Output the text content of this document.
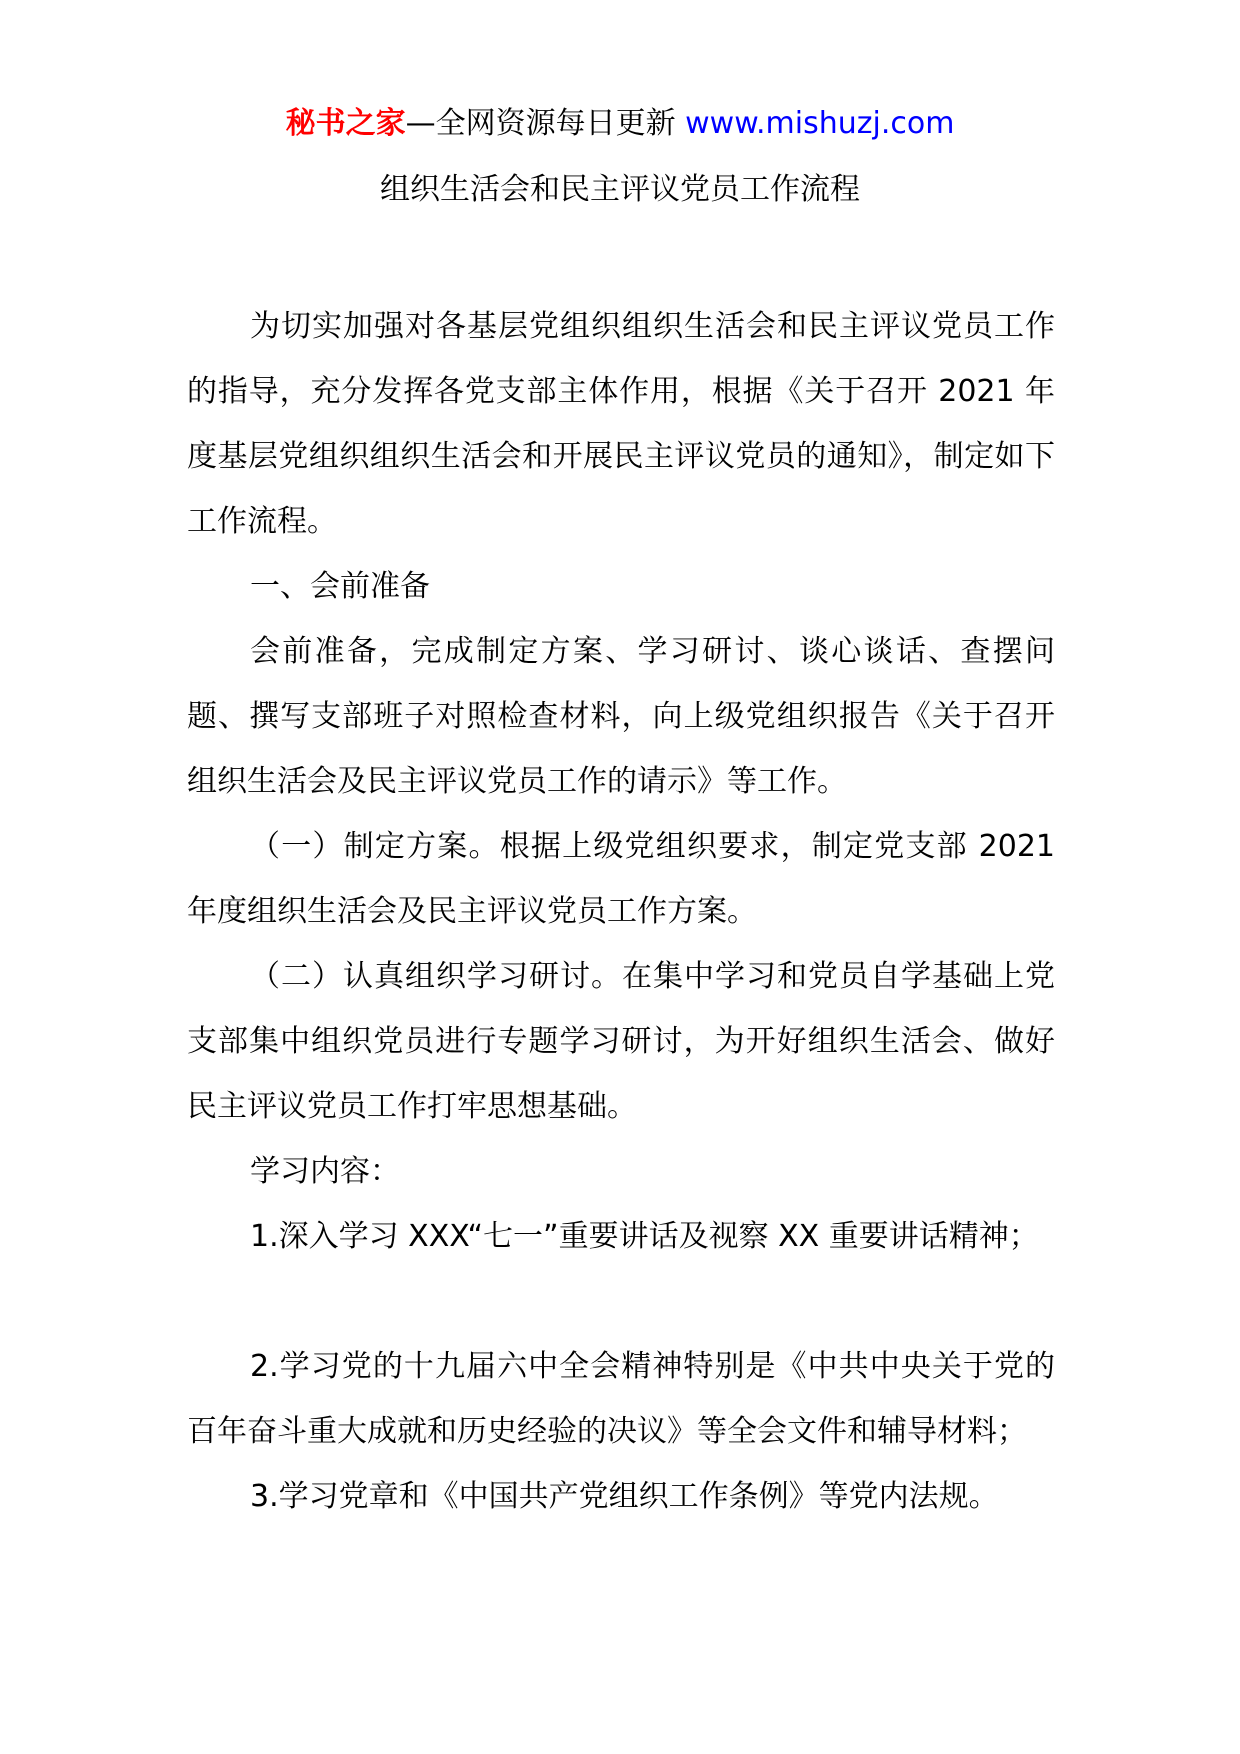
秘书之家—全网资源每日更新 www.mishuzj.com
组织生活会和民主评议党员工作流程

为切实加强对各基层党组织组织生活会和民主评议党员工作的指导，充分发挥各党支部主体作用，根据《关于召开 2021 年度基层党组织组织生活会和开展民主评议党员的通知》，制定如下工作流程。

一、会前准备

会前准备，完成制定方案、学习研讨、谈心谈话、查摆问题、撰写支部班子对照检查材料，向上级党组织报告《关于召开组织生活会及民主评议党员工作的请示》等工作。

（一）制定方案。根据上级党组织要求，制定党支部 2021 年度组织生活会及民主评议党员工作方案。

（二）认真组织学习研讨。在集中学习和党员自学基础上党支部集中组织党员进行专题学习研讨，为开好组织生活会、做好民主评议党员工作打牢思想基础。

学习内容：

1.深入学习 XXX“七一”重要讲话及视察 XX 重要讲话精神；

2.学习党的十九届六中全会精神特别是《中共中央关于党的百年奋斗重大成就和历史经验的决议》等全会文件和辅导材料；

3.学习党章和《中国共产党组织工作条例》等党内法规。
